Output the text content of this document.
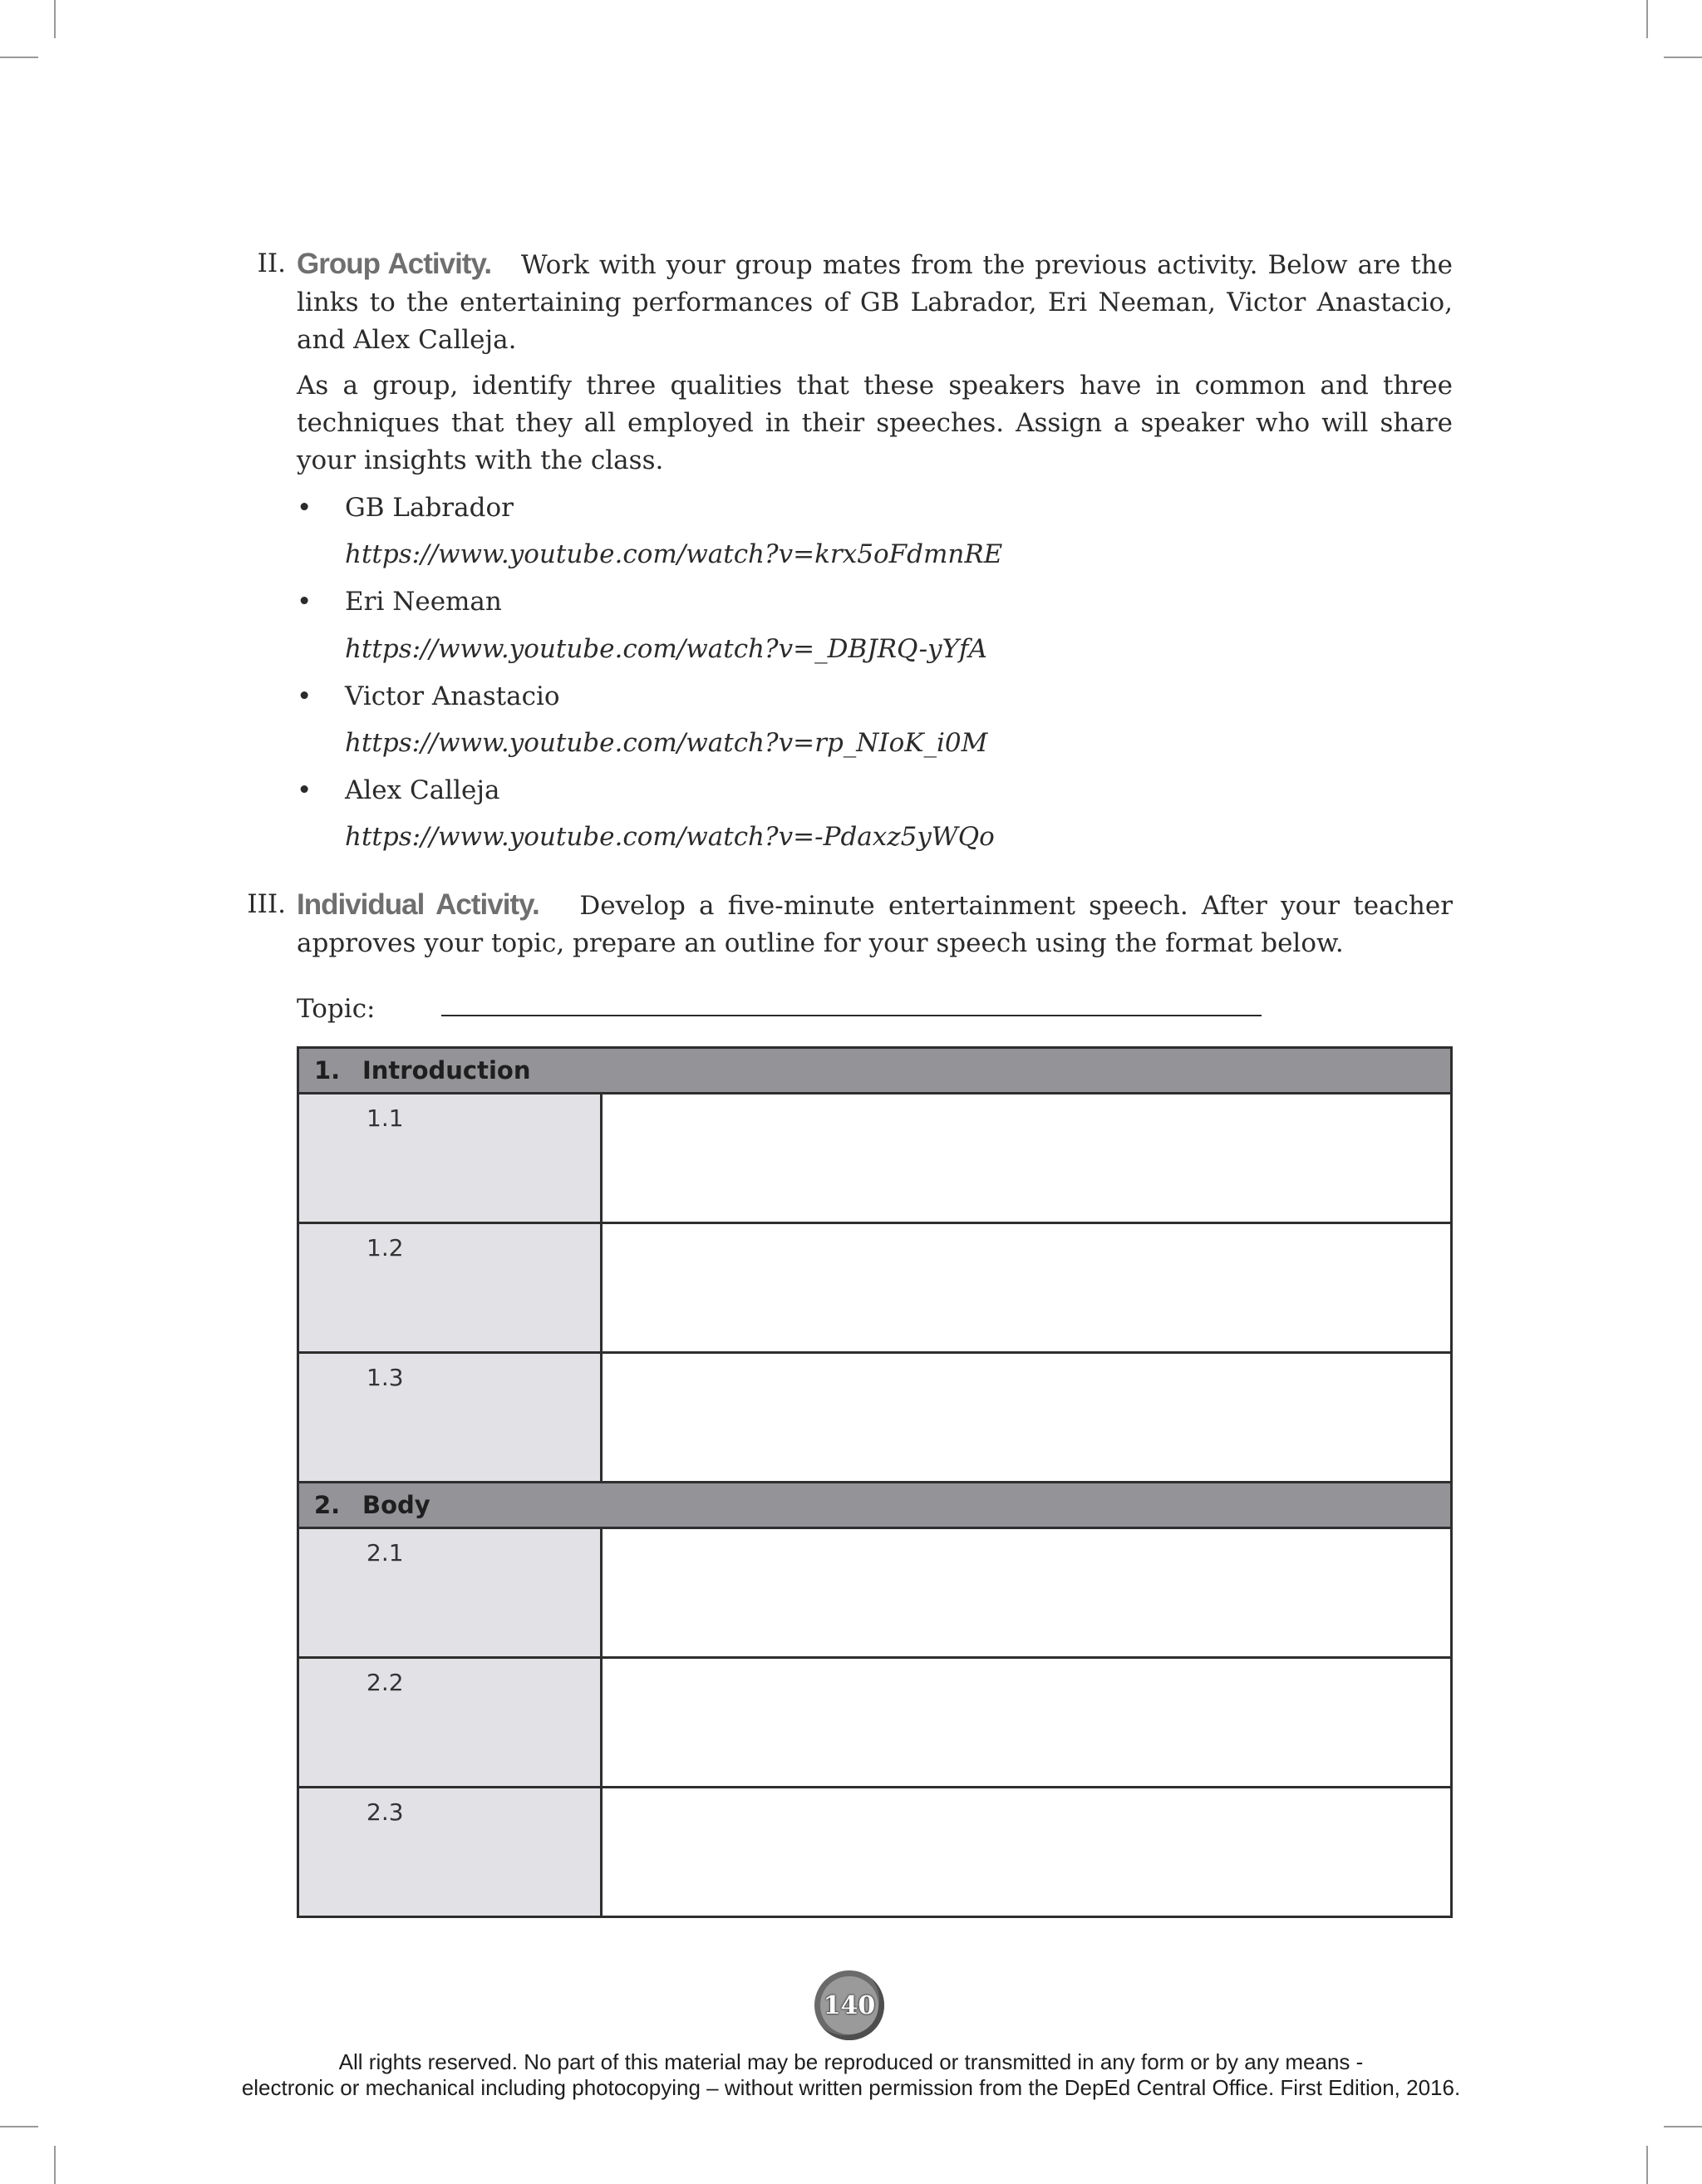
II. Group Activity. Work with your group mates from the previous activity. Below are the links to the entertaining performances of GB Labrador, Eri Neeman, Victor Anastacio, and Alex Calleja.
As a group, identify three qualities that these speakers have in common and three techniques that they all employed in their speeches. Assign a speaker who will share your insights with the class.
• GB Labrador
https://www.youtube.com/watch?v=krx5oFdmnRE
• Eri Neeman
https://www.youtube.com/watch?v=_DBJRQ-yYfA
• Victor Anastacio
https://www.youtube.com/watch?v=rp_NIoK_i0M
• Alex Calleja
https://www.youtube.com/watch?v=-Pdaxz5yWQo
III. Individual Activity. Develop a five-minute entertainment speech. After your teacher approves your topic, prepare an outline for your speech using the format below.
Topic:
1. Introduction	

1.1	

1.2	

1.3	

2. Body	

2.1	

2.2	

2.3	

140
All rights reserved. No part of this material may be reproduced or transmitted in any form or by any means -
electronic or mechanical including photocopying – without written permission from the DepEd Central Office. First Edition, 2016.
